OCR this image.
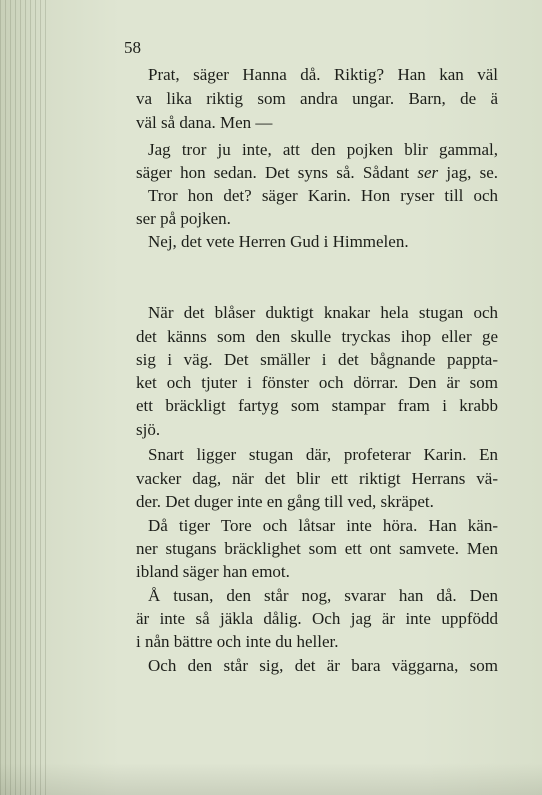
58
Prat, säger Hanna då. Riktig? Han kan väl
va lika riktig som andra ungar. Barn, de ä
väl så dana. Men —
Jag tror ju inte, att den pojken blir gammal,
säger hon sedan. Det syns så. Sådant ser jag, se.
Tror hon det? säger Karin. Hon ryser till och
ser på pojken.
Nej, det vete Herren Gud i Himmelen.
När det blåser duktigt knakar hela stugan och
det känns som den skulle tryckas ihop eller ge
sig i väg. Det smäller i det bågnande pappta-
ket och tjuter i fönster och dörrar. Den är som
ett bräckligt fartyg som stampar fram i krabb
sjö.
Snart ligger stugan där, profeterar Karin. En
vacker dag, när det blir ett riktigt Herrans vä-
der. Det duger inte en gång till ved, skräpet.
Då tiger Tore och låtsar inte höra. Han kän-
ner stugans bräcklighet som ett ont samvete. Men
ibland säger han emot.
Å tusan, den står nog, svarar han då. Den
är inte så jäkla dålig. Och jag är inte uppfödd
i nån bättre och inte du heller.
Och den står sig, det är bara väggarna, som
